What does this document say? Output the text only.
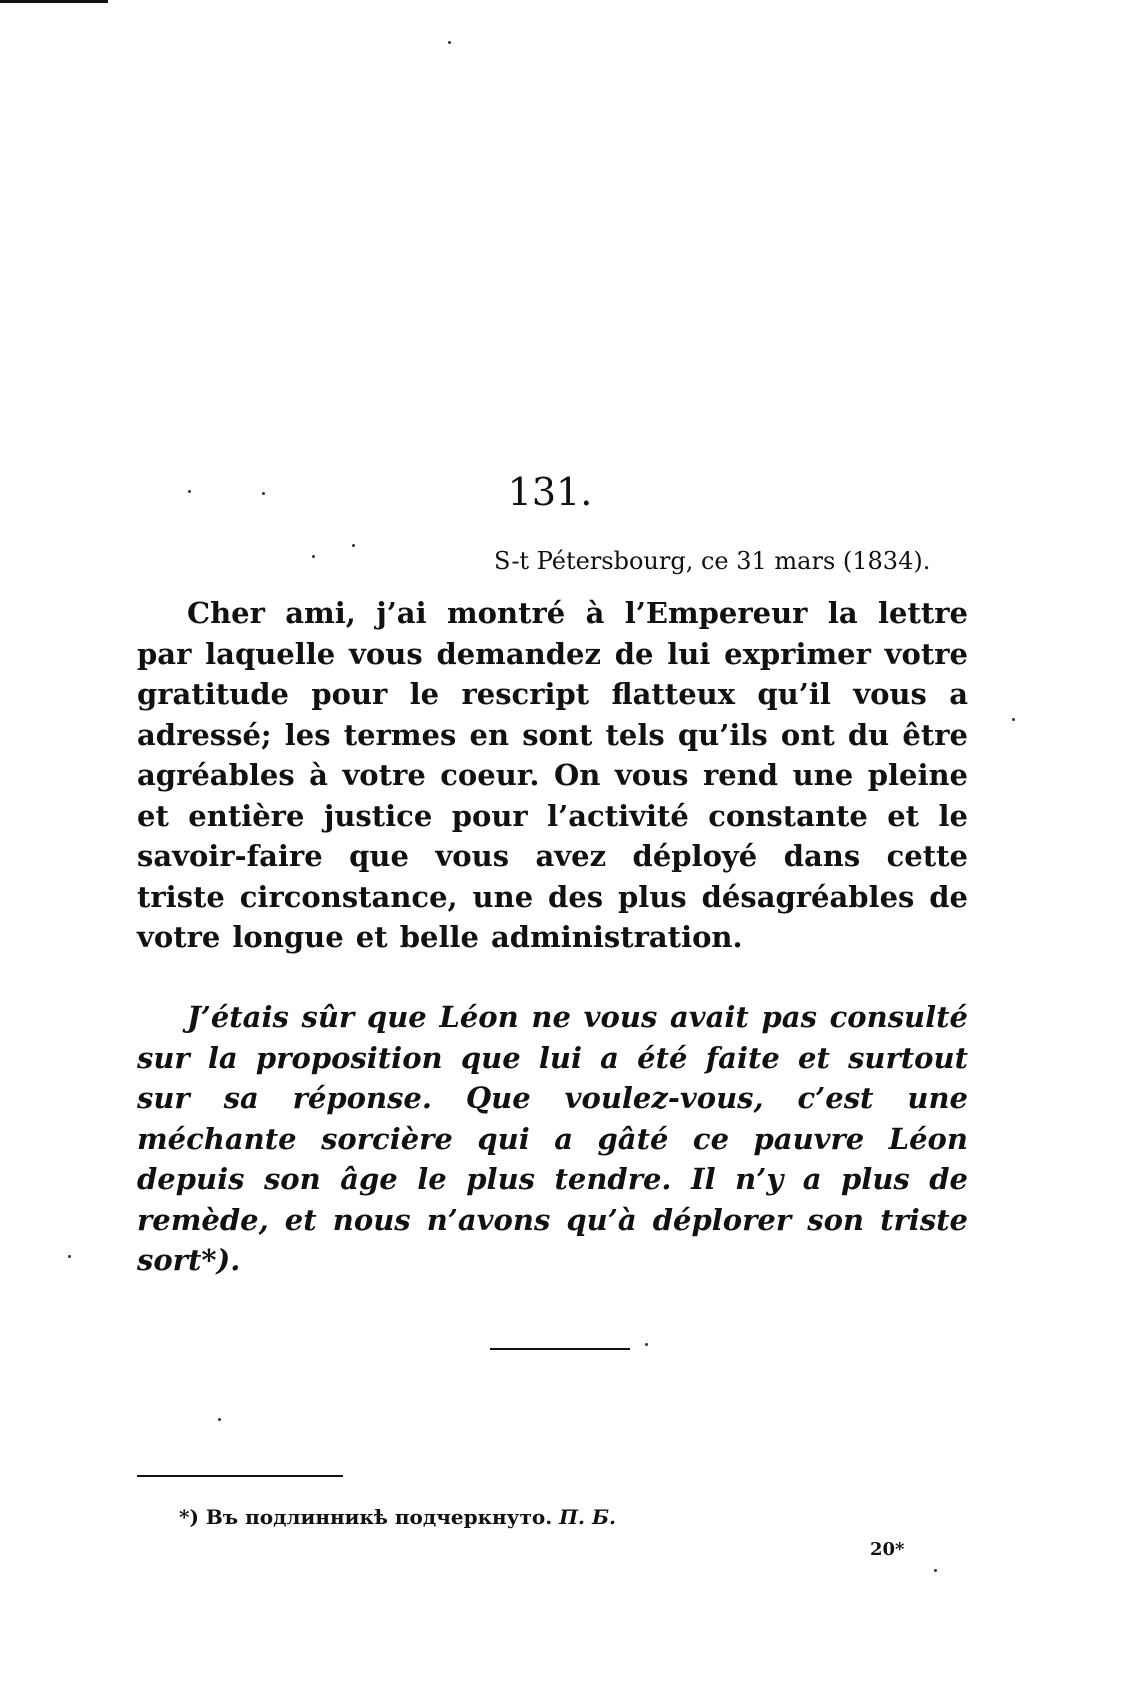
131.
S-t Pétersbourg, ce 31 mars (1834).

Cher ami, j’ai montré à l’Empereur la lettre par laquelle vous demandez de lui exprimer votre gratitude pour le rescript flatteux qu’il vous a adressé; les termes en sont tels qu’ils ont du être agréables à votre coeur. On vous rend une pleine et entière justice pour l’activité constante et le savoir-faire que vous avez déployé dans cette triste circonstance, une des plus désagréables de votre longue et belle administration.

J’étais sûr que Léon ne vous avait pas consulté sur la proposition que lui a été faite et surtout sur sa réponse. Que voulez-vous, c’est une méchante sorcière qui a gâté ce pauvre Léon depuis son âge le plus tendre. Il n’y a plus de remède, et nous n’avons qu’à déplorer son triste sort*).

*) Въ подлинникѣ подчеркнуто. П. Б.
20*
